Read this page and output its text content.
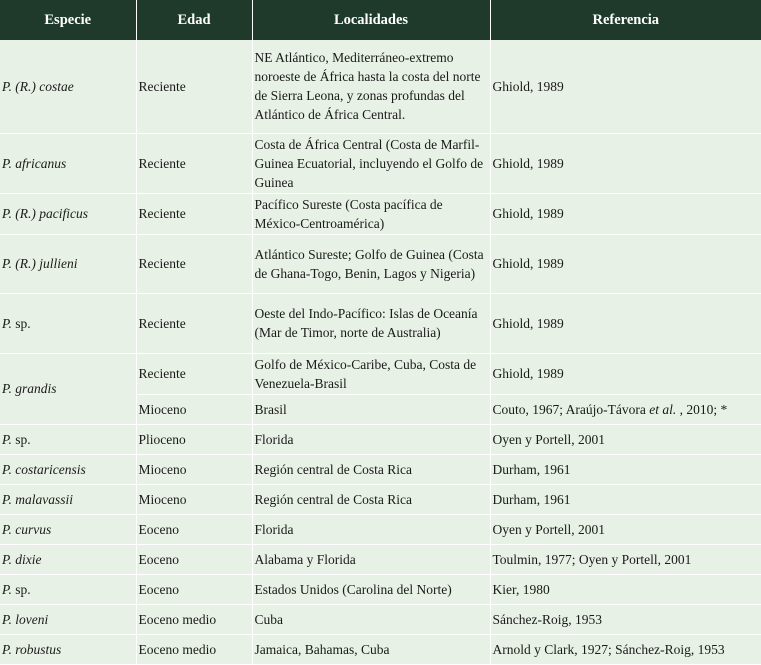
Especie	Edad	Localidades	Referencia
P. (R.) costae	Reciente	NE Atlántico, Mediterráneo-extremo noroeste de África hasta la costa del norte de Sierra Leona, y zonas profundas del Atlántico de África Central.	Ghiold, 1989
P. africanus	Reciente	Costa de África Central (Costa de Marfil-Guinea Ecuatorial, incluyendo el Golfo de Guinea	Ghiold, 1989
P. (R.) pacificus	Reciente	Pacífico Sureste (Costa pacífica de México-Centroamérica)	Ghiold, 1989
P. (R.) jullieni	Reciente	Atlántico Sureste; Golfo de Guinea (Costa de Ghana-Togo, Benin, Lagos y Nigeria)	Ghiold, 1989
P. sp.	Reciente	Oeste del Indo-Pacífico: Islas de Oceanía (Mar de Timor, norte de Australia)	Ghiold, 1989
P. grandis	Reciente	Golfo de México-Caribe, Cuba, Costa de Venezuela-Brasil	Ghiold, 1989
	Mioceno	Brasil	Couto, 1967; Araújo-Távora et al. , 2010; *
P. sp.	Plioceno	Florida	Oyen y Portell, 2001
P. costaricensis	Mioceno	Región central de Costa Rica	Durham, 1961
P. malavassii	Mioceno	Región central de Costa Rica	Durham, 1961
P. curvus	Eoceno	Florida	Oyen y Portell, 2001
P. dixie	Eoceno	Alabama y Florida	Toulmin, 1977; Oyen y Portell, 2001
P. sp.	Eoceno	Estados Unidos (Carolina del Norte)	Kier, 1980
P. loveni	Eoceno medio	Cuba	Sánchez-Roig, 1953
P. robustus	Eoceno medio	Jamaica, Bahamas, Cuba	Arnold y Clark, 1927; Sánchez-Roig, 1953
